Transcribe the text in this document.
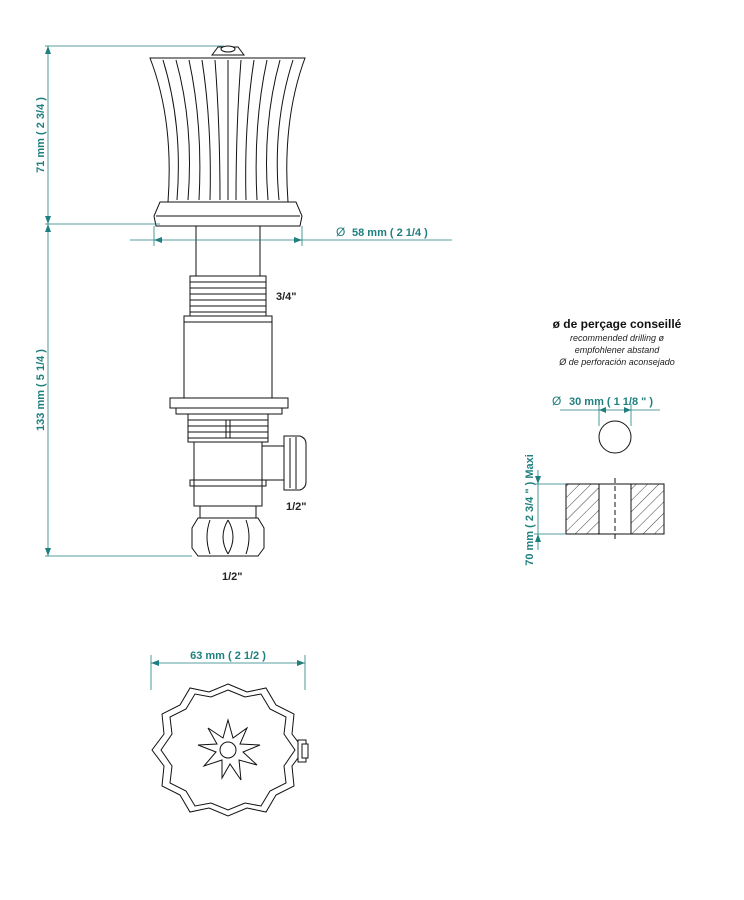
71 mm ( 2 3/4 )
133 mm ( 5 1/4 )
Ø 58 mm ( 2 1/4 )
3/4"
1/2"
1/2"
ø de perçage conseillé
recommended drilling ø
empfohlener abstand
Ø de perforación aconsejado
Ø 30 mm ( 1 1/8 " )
70 mm ( 2 3/4 " ) Maxi
63 mm ( 2 1/2 )
